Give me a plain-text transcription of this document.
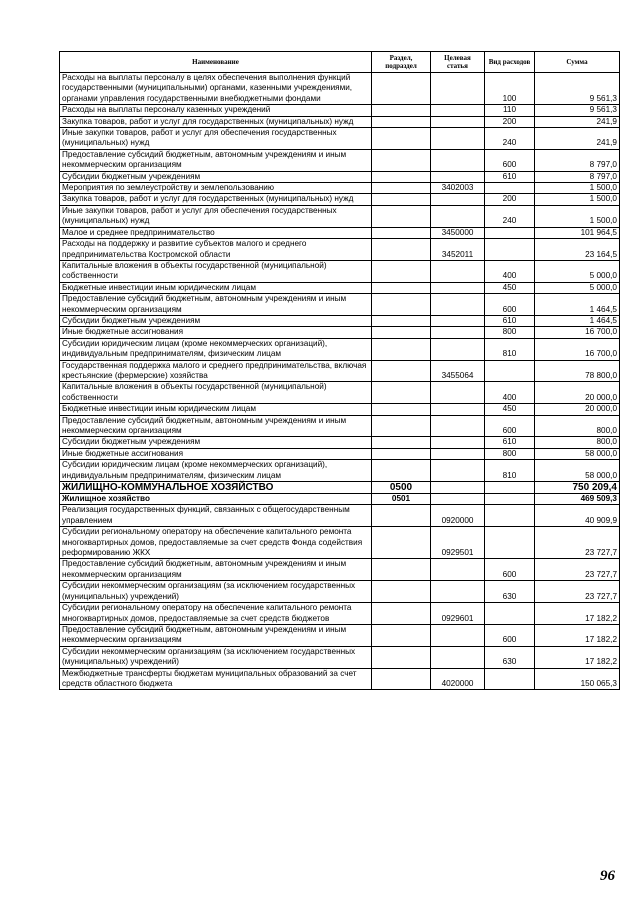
Наименование	Раздел, подраздел	Целевая статья	Вид расходов	Сумма
Расходы на выплаты персоналу в целях обеспечения выполнения функций государственными (муниципальными) органами, казенными учреждениями, органами управления государственными внебюджетными фондами			100	9 561,3
Расходы на выплаты персоналу казенных учреждений			110	9 561,3
Закупка товаров, работ и услуг для государственных (муниципальных) нужд			200	241,9
Иные закупки товаров, работ и услуг для обеспечения государственных (муниципальных) нужд			240	241,9
Предоставление субсидий бюджетным, автономным учреждениям и иным некоммерческим организациям			600	8 797,0
Субсидии бюджетным учреждениям			610	8 797,0
Мероприятия по землеустройству и землепользованию		3402003		1 500,0
Закупка товаров, работ и услуг для государственных (муниципальных) нужд			200	1 500,0
Иные закупки товаров, работ и услуг для обеспечения государственных (муниципальных) нужд			240	1 500,0
Малое и среднее предпринимательство		3450000		101 964,5
Расходы на поддержку и развитие субъектов малого и среднего предпринимательства Костромской области		3452011		23 164,5
Капитальные вложения в объекты государственной (муниципальной) собственности			400	5 000,0
Бюджетные инвестиции иным юридическим лицам			450	5 000,0
Предоставление субсидий бюджетным, автономным учреждениям и иным некоммерческим организациям			600	1 464,5
Субсидии бюджетным учреждениям			610	1 464,5
Иные бюджетные ассигнования			800	16 700,0
Субсидии юридическим лицам (кроме некоммерческих организаций), индивидуальным предпринимателям, физическим лицам			810	16 700,0
Государственная поддержка малого и среднего предпринимательства, включая крестьянские (фермерские) хозяйства		3455064		78 800,0
Капитальные вложения в объекты государственной (муниципальной) собственности			400	20 000,0
Бюджетные инвестиции иным юридическим лицам			450	20 000,0
Предоставление субсидий бюджетным, автономным учреждениям и иным некоммерческим организациям			600	800,0
Субсидии бюджетным учреждениям			610	800,0
Иные бюджетные ассигнования			800	58 000,0
Субсидии юридическим лицам (кроме некоммерческих организаций), индивидуальным предпринимателям, физическим лицам			810	58 000,0
ЖИЛИЩНО-КОММУНАЛЬНОЕ ХОЗЯЙСТВО	0500			750 209,4
Жилищное хозяйство	0501			469 509,3
Реализация государственных функций, связанных с общегосударственным управлением		0920000		40 909,9
Субсидии региональному оператору на обеспечение капитального ремонта многоквартирных домов, предоставляемые за счет средств Фонда содействия реформированию ЖКХ		0929501		23 727,7
Предоставление субсидий бюджетным, автономным учреждениям и иным некоммерческим организациям			600	23 727,7
Субсидии некоммерческим организациям (за исключением государственных (муниципальных) учреждений)			630	23 727,7
Субсидии региональному оператору на обеспечение капитального ремонта многоквартирных домов, предоставляемые за счет средств бюджетов		0929601		17 182,2
Предоставление субсидий бюджетным, автономным учреждениям и иным некоммерческим организациям			600	17 182,2
Субсидии некоммерческим организациям (за исключением государственных (муниципальных) учреждений)			630	17 182,2
Межбюджетные трансферты бюджетам муниципальных образований за счет средств областного бюджета		4020000		150 065,3
96
